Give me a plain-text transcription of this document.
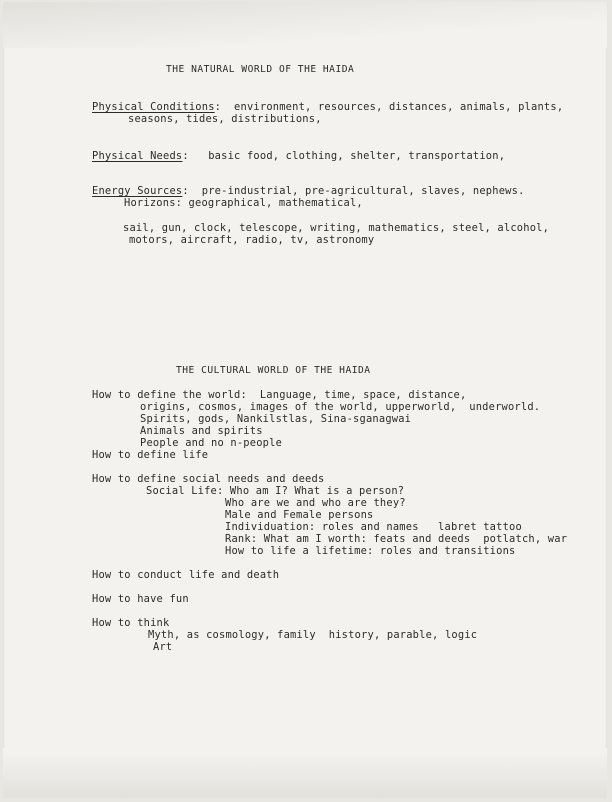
THE NATURAL WORLD OF THE HAIDA
Physical Conditions:  environment, resources, distances, animals, plants,
seasons, tides, distributions,
Physical Needs:   basic food, clothing, shelter, transportation,
Energy Sources:  pre-industrial, pre-agricultural, slaves, nephews.
Horizons: geographical, mathematical,
sail, gun, clock, telescope, writing, mathematics, steel, alcohol,
motors, aircraft, radio, tv, astronomy
THE CULTURAL WORLD OF THE HAIDA
How to define the world:  Language, time, space, distance,
origins, cosmos, images of the world, upperworld,  underworld.
Spirits, gods, Nankilstlas, Sina-sganagwai
Animals and spirits
People and no n-people
How to define life
How to define social needs and deeds
Social Life: Who am I? What is a person?
Who are we and who are they?
Male and Female persons
Individuation: roles and names   labret tattoo
Rank: What am I worth: feats and deeds  potlatch, war
How to life a lifetime: roles and transitions
How to conduct life and death
How to have fun
How to think
Myth, as cosmology, family  history, parable, logic
Art
